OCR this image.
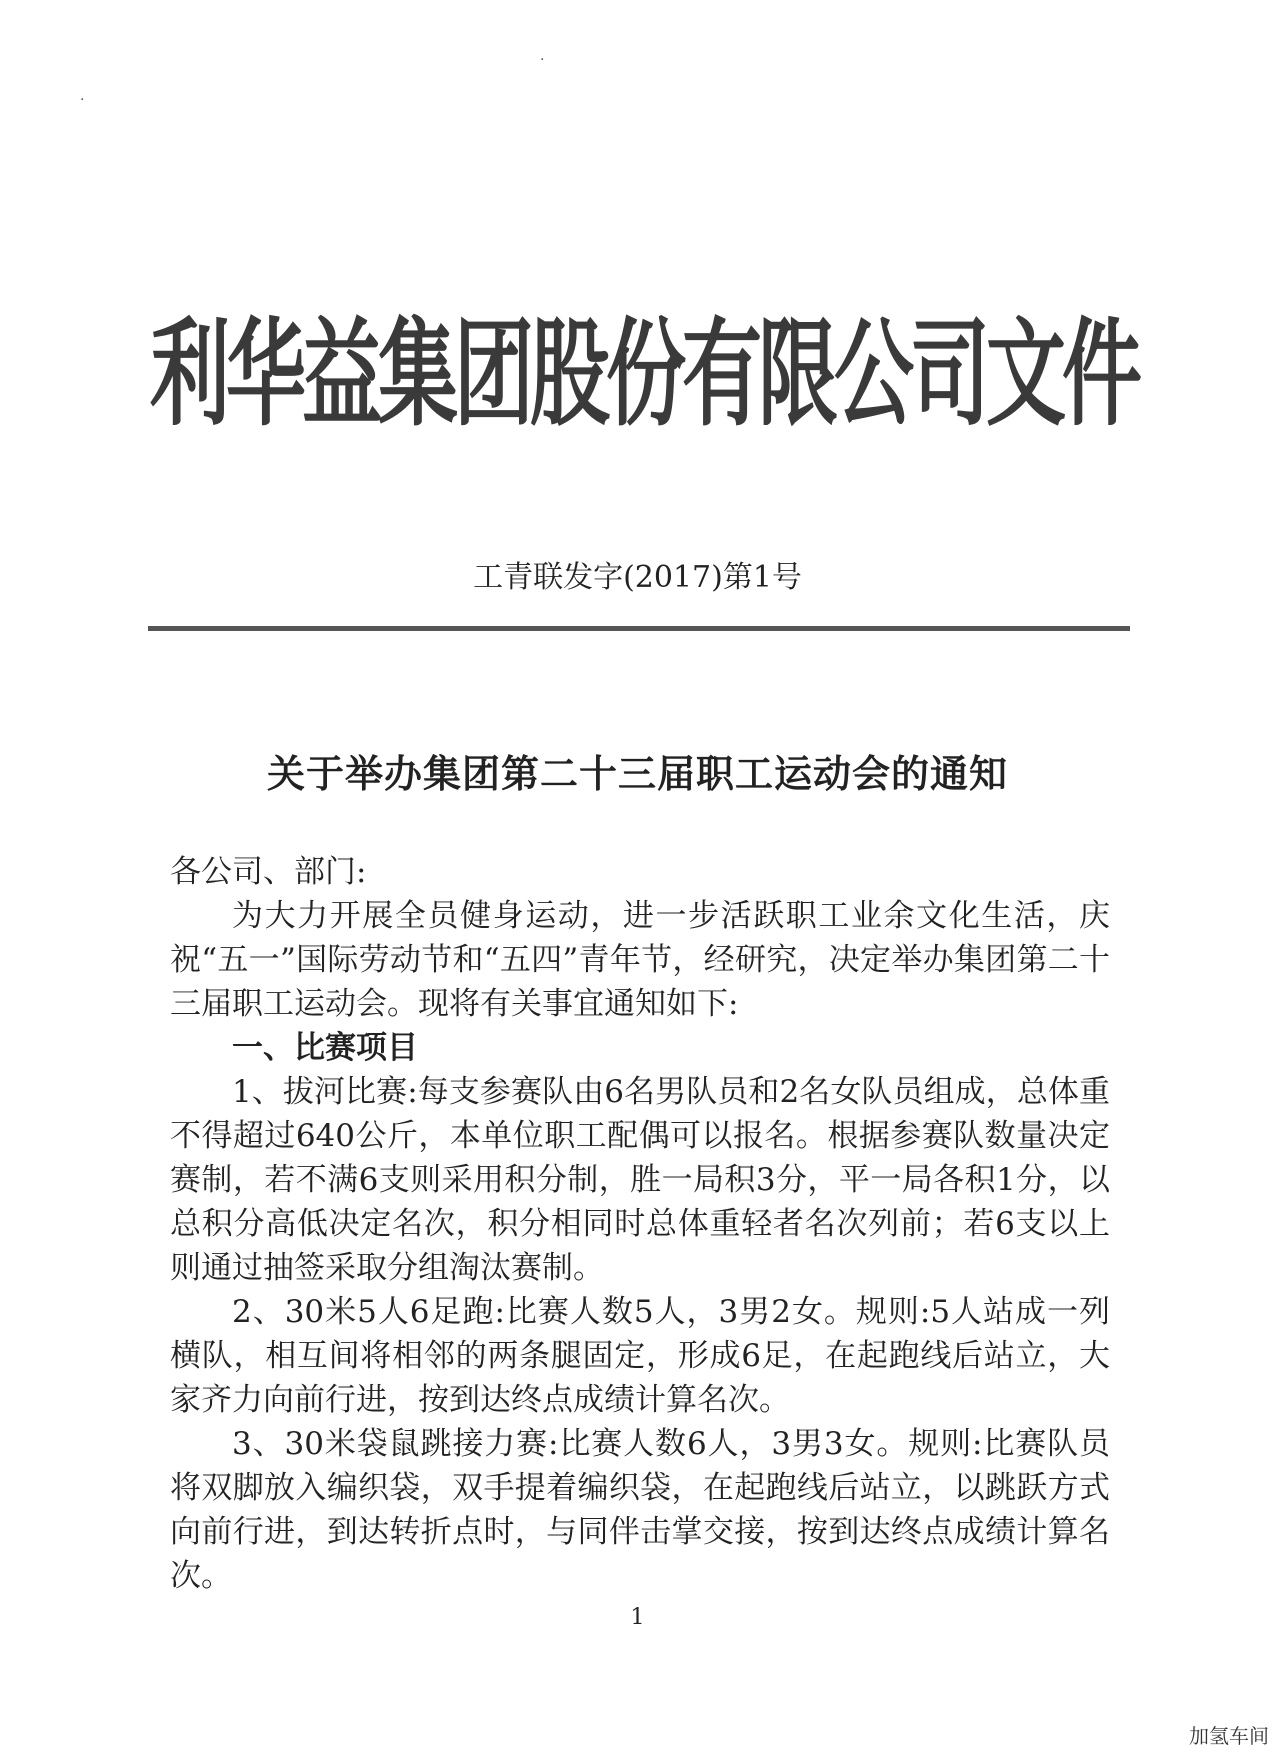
·
·
利华益集团股份有限公司文件
工青联发字(2017)第1号
关于举办集团第二十三届职工运动会的通知

各公司、部门:

为大力开展全员健身运动，进一步活跃职工业余文化生活，庆祝“五一”国际劳动节和“五四”青年节，经研究，决定举办集团第二十三届职工运动会。现将有关事宜通知如下:

一、比赛项目

1、拔河比赛:每支参赛队由6名男队员和2名女队员组成，总体重不得超过640公斤，本单位职工配偶可以报名。根据参赛队数量决定赛制，若不满6支则采用积分制，胜一局积3分，平一局各积1分，以总积分高低决定名次，积分相同时总体重轻者名次列前；若6支以上则通过抽签采取分组淘汰赛制。

2、30米5人6足跑:比赛人数5人，3男2女。规则:5人站成一列横队，相互间将相邻的两条腿固定，形成6足，在起跑线后站立，大家齐力向前行进，按到达终点成绩计算名次。

3、30米袋鼠跳接力赛:比赛人数6人，3男3女。规则:比赛队员将双脚放入编织袋，双手提着编织袋，在起跑线后站立，以跳跃方式向前行进，到达转折点时，与同伴击掌交接，按到达终点成绩计算名次。

1
加氢车间
